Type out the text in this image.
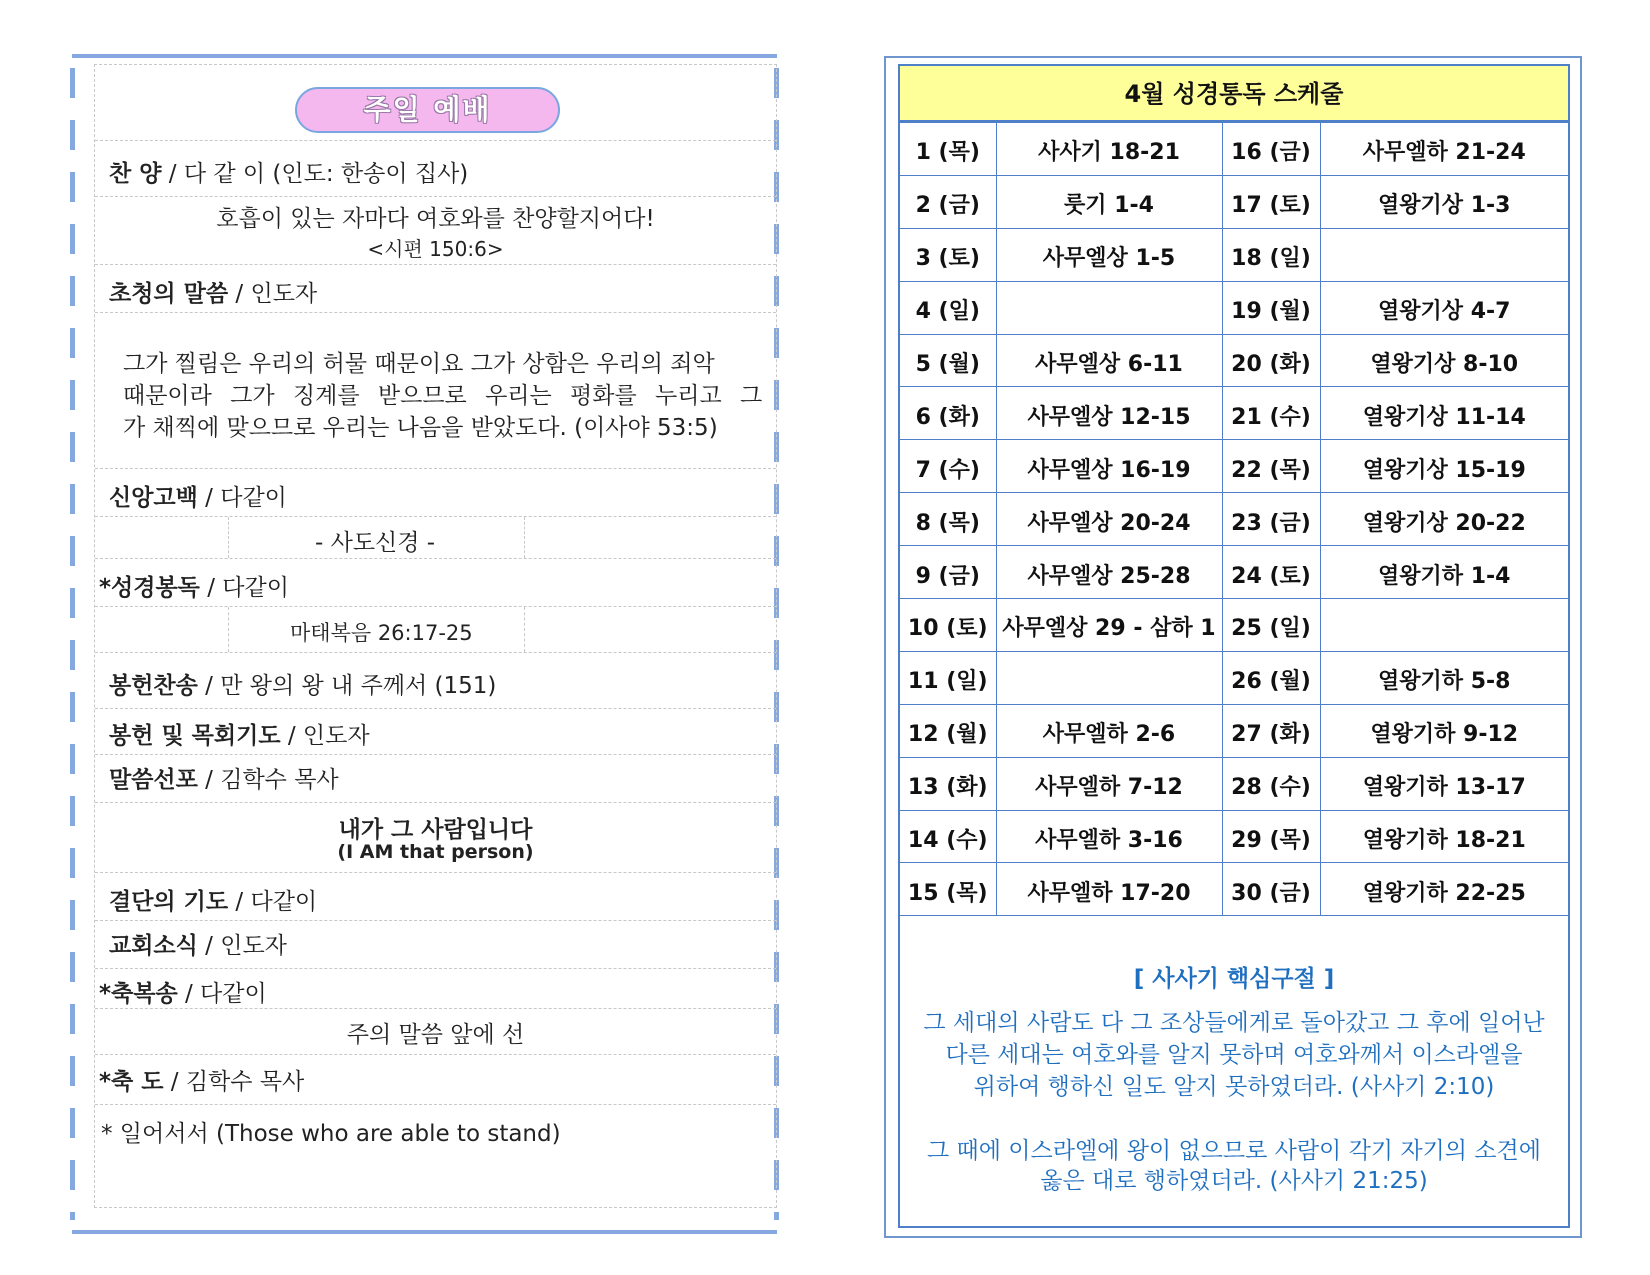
주일 예배
찬 양 / 다 같 이 (인도: 한송이 집사)
호흡이 있는 자마다 여호와를 찬양할지어다!
<시편 150:6>
초청의 말씀 / 인도자
그가 찔림은 우리의 허물 때문이요 그가 상함은 우리의 죄악
때문이라 그가 징계를 받으므로 우리는 평화를 누리고 그
가 채찍에 맞으므로 우리는 나음을 받았도다. (이사야 53:5)
신앙고백 / 다같이
- 사도신경 -
*성경봉독 / 다같이
마태복음 26:17-25
봉헌찬송 / 만 왕의 왕 내 주께서 (151)
봉헌 및 목회기도 / 인도자
말씀선포 / 김학수 목사
내가 그 사람입니다
(I AM that person)
결단의 기도 / 다같이
교회소식 / 인도자
*축복송 / 다같이
주의 말씀 앞에 선
*축 도 / 김학수 목사
* 일어서서 (Those who are able to stand)
4월 성경통독 스케줄
1 (목)	사사기 18-21	16 (금)	사무엘하 21-24
2 (금)	룻기 1-4	17 (토)	열왕기상 1-3
3 (토)	사무엘상 1-5	18 (일)	
4 (일)		19 (월)	열왕기상 4-7
5 (월)	사무엘상 6-11	20 (화)	열왕기상 8-10
6 (화)	사무엘상 12-15	21 (수)	열왕기상 11-14
7 (수)	사무엘상 16-19	22 (목)	열왕기상 15-19
8 (목)	사무엘상 20-24	23 (금)	열왕기상 20-22
9 (금)	사무엘상 25-28	24 (토)	열왕기하 1-4
10 (토)	사무엘상 29 - 삼하 1	25 (일)	
11 (일)		26 (월)	열왕기하 5-8
12 (월)	사무엘하 2-6	27 (화)	열왕기하 9-12
13 (화)	사무엘하 7-12	28 (수)	열왕기하 13-17
14 (수)	사무엘하 3-16	29 (목)	열왕기하 18-21
15 (목)	사무엘하 17-20	30 (금)	열왕기하 22-25
[ 사사기 핵심구절 ]
그 세대의 사람도 다 그 조상들에게로 돌아갔고 그 후에 일어난
다른 세대는 여호와를 알지 못하며 여호와께서 이스라엘을
위하여 행하신 일도 알지 못하였더라. (사사기 2:10)
그 때에 이스라엘에 왕이 없으므로 사람이 각기 자기의 소견에
옳은 대로 행하였더라. (사사기 21:25)
